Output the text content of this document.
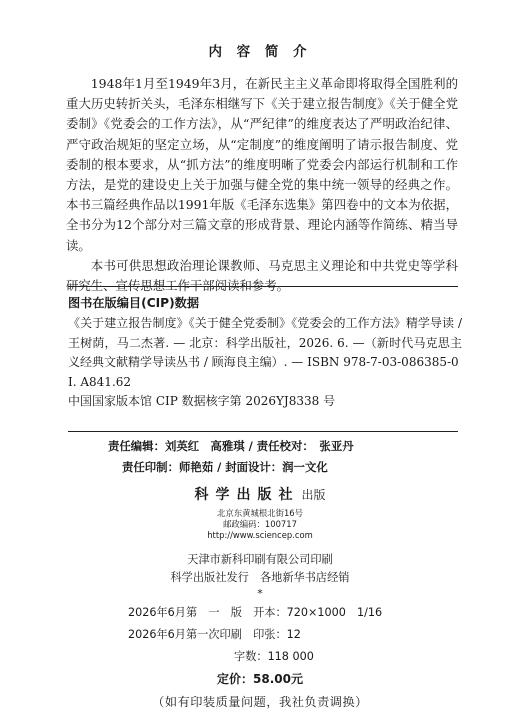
内 容 简 介

1948年1月至1949年3月，在新民主主义革命即将取得全国胜利的重大历史转折关头，毛泽东相继写下《关于建立报告制度》《关于健全党委制》《党委会的工作方法》，从“严纪律”的维度表达了严明政治纪律、严守政治规矩的坚定立场，从“定制度”的维度阐明了请示报告制度、党委制的根本要求，从“抓方法”的维度明晰了党委会内部运行机制和工作方法，是党的建设史上关于加强与健全党的集中统一领导的经典之作。本书三篇经典作品以1991年版《毛泽东选集》第四卷中的文本为依据，全书分为12个部分对三篇文章的形成背景、理论内涵等作简练、精当导读。

本书可供思想政治理论课教师、马克思主义理论和中共党史等学科研究生、宣传思想工作干部阅读和参考。

图书在版编目(CIP)数据

《关于建立报告制度》《关于健全党委制》《党委会的工作方法》精学导读 / 王树荫，马二杰著. — 北京：科学出版社，2026. 6. —（新时代马克思主义经典文献精学导读丛书 / 顾海良主编）. — ISBN 978-7-03-086385-0

Ⅰ. A841.62

中国国家版本馆 CIP 数据核字第 2026YJ8338 号

责任编辑：刘英红　高雅琪 / 责任校对：　张亚丹
责任印制：师艳茹 / 封面设计：润一文化
科学出版社 出版
北京东黄城根北街16号
邮政编码：100717
http://www.sciencep.com
天津市新科印刷有限公司印刷
科学出版社发行　各地新华书店经销
*
2026年6月第　一　版　开本：720×1000　1/16
2026年6月第一次印刷　印张：12
字数：118 000
定价：58.00元
（如有印装质量问题，我社负责调换）
